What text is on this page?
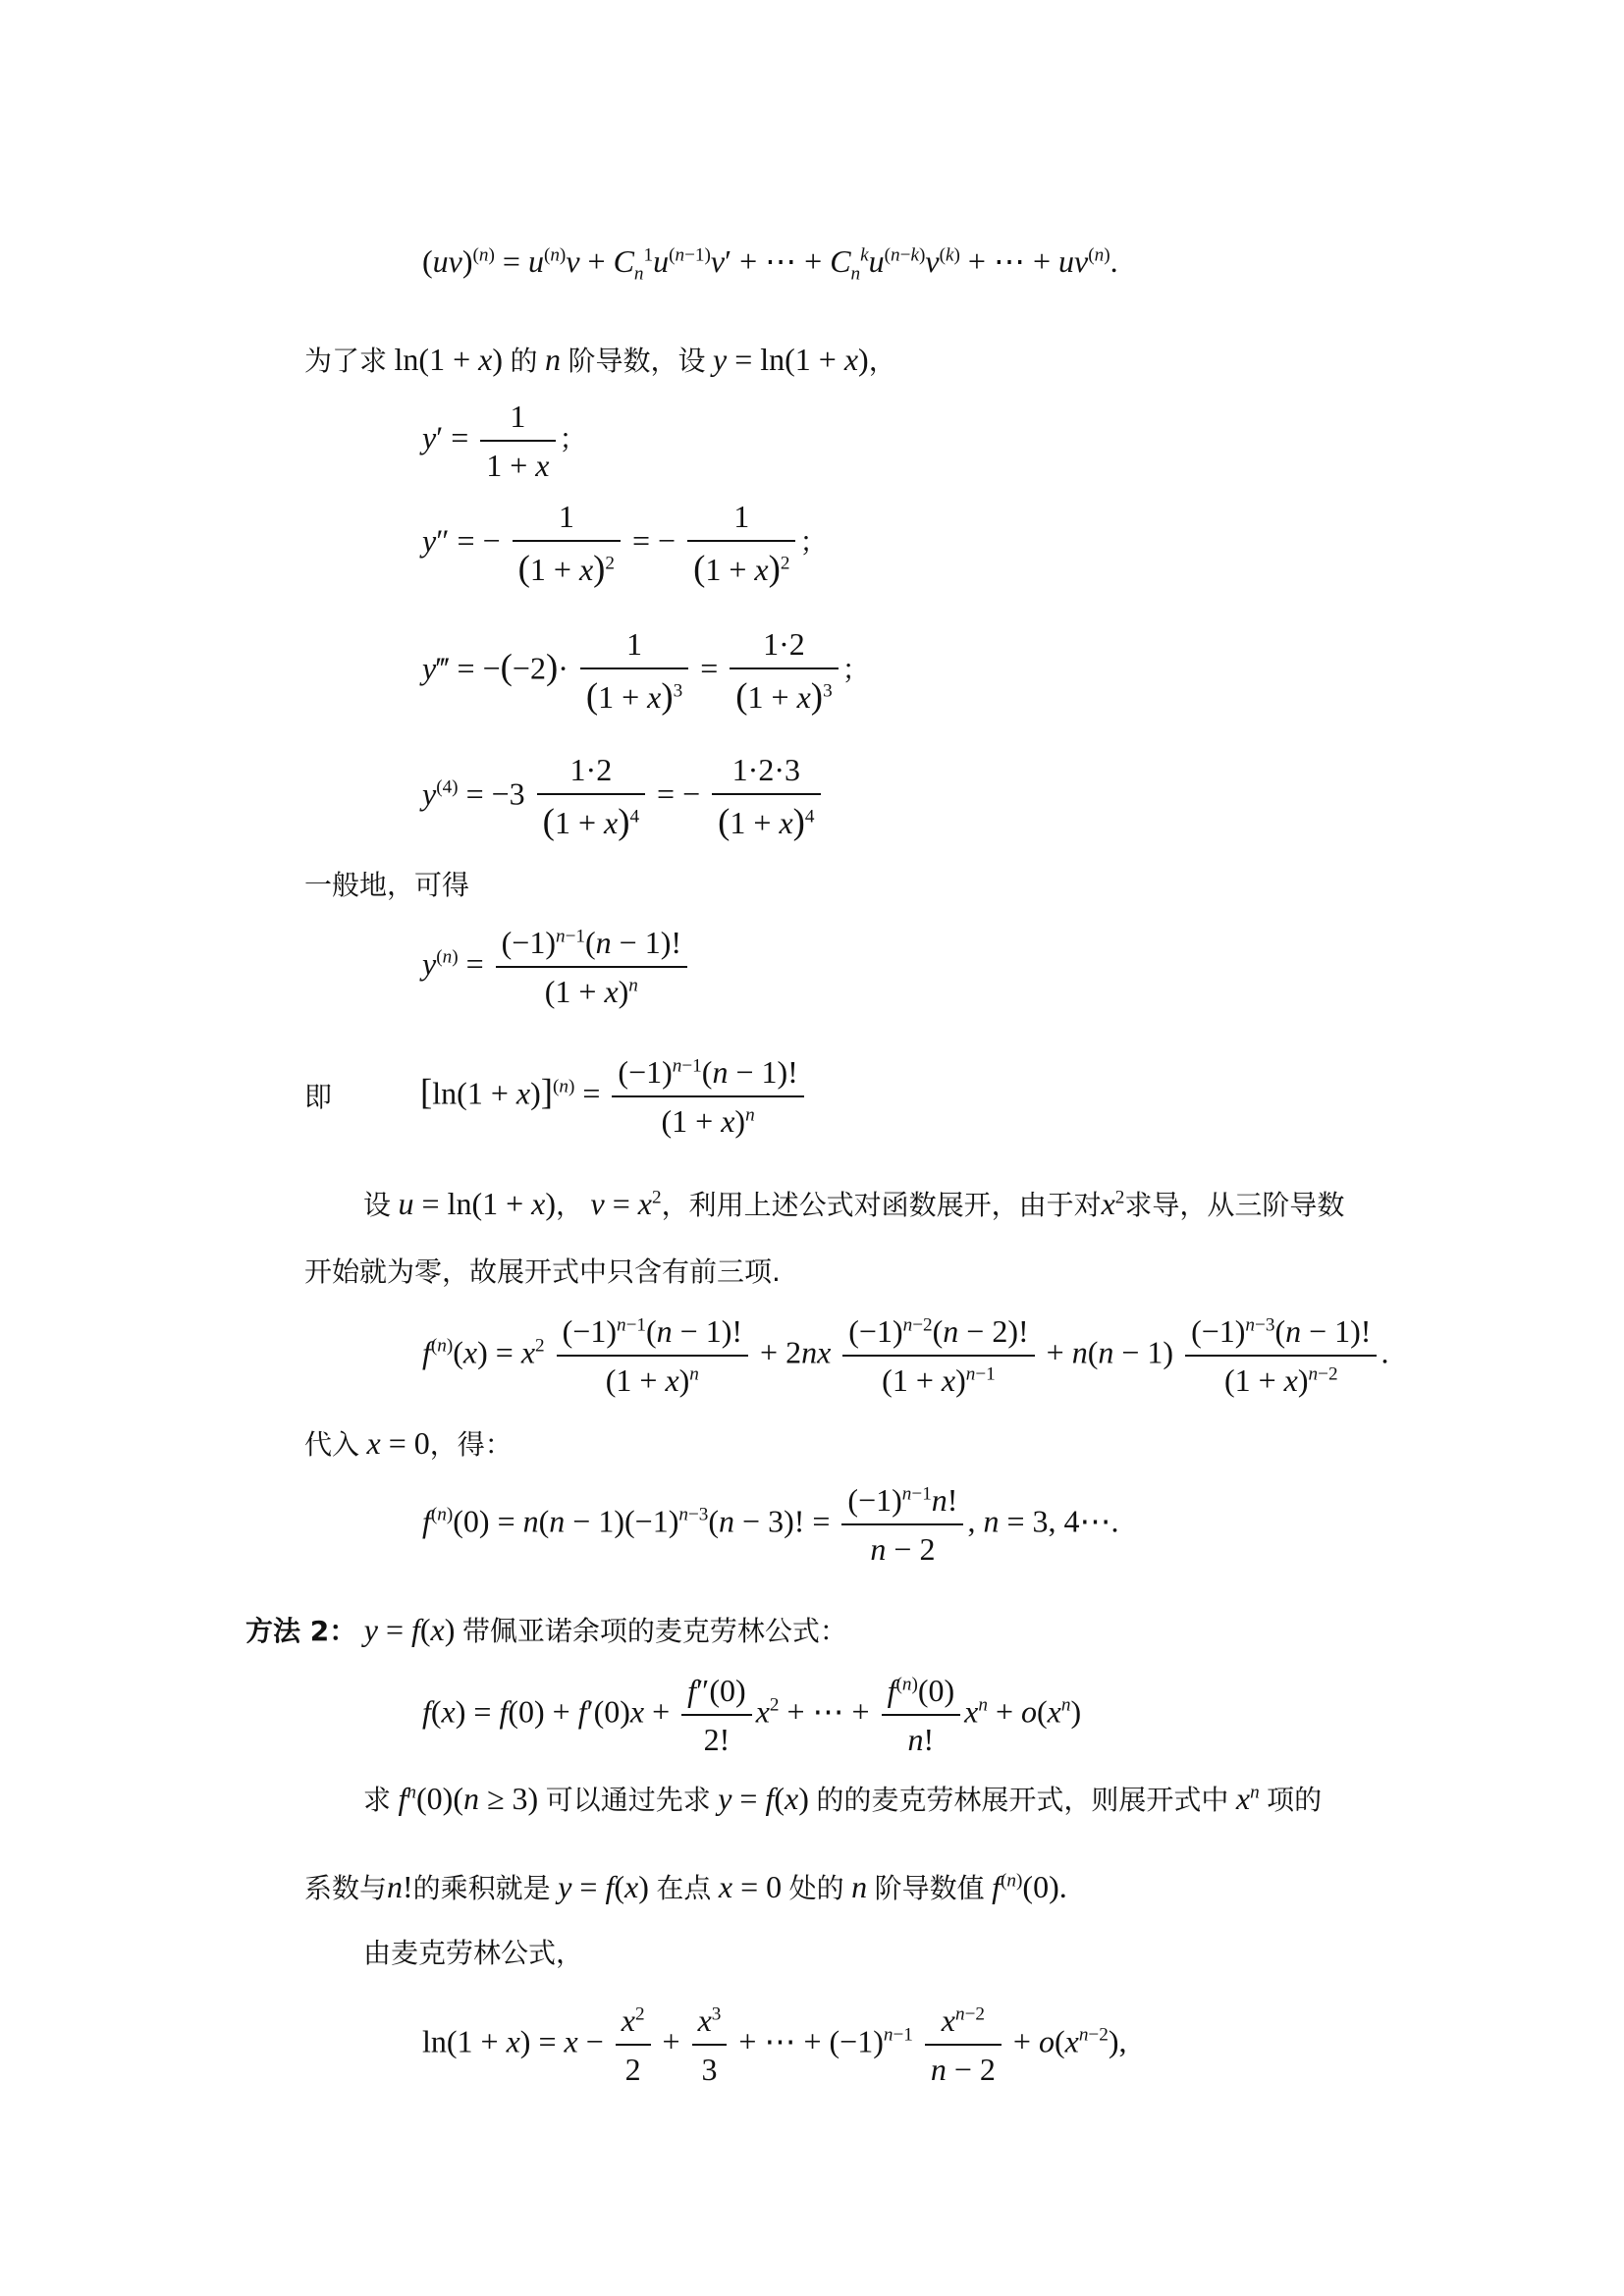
$(uv)^{(n)} = u^{(n)}v + C_n^1u^{(n-1)}v'$ + ⋯ + $C_n^ku^{(n-k)}v^{(k)}$ + ⋯ + $uv^{(n)}$.
为了求 ln(1 + x) 的 n 阶导数，设 y = ln(1 + x)，
$y' = \frac{1}{1 + x}$ ；
y″ = − $\frac{1}{(1 + x)^2}$ = − $\frac{1}{(1 + x)^2}$ ；
y‴ = $-(-2)\cdot \frac{1}{(1 + x)^3} = \frac{1\cdot 2}{(1 + x)^3}$ ；
$y^{(4)} = -3 \frac{1\cdot 2}{(1 + x)^4}$ = − $\frac{1\cdot 2\cdot 3}{(1 + x)^4}$
一般地，可得
$y^{(n)} = \frac{(-1)^{n-1}(n - 1)!}{(1 + x)^n}$
即 $[\ln(1 + x)]^{(n)} = \frac{(-1)^{n-1}(n - 1)!}{(1 + x)^n}$
设 u = ln(1 + x)， $v = x^2$，利用上述公式对函数展开，由于对$x^2$求导，从三阶导数
开始就为零，故展开式中只含有前三项.
$f^{(n)}(x) = x^2 \frac{(-1)^{n-1}(n - 1)!}{(1 + x)^n} + 2nx \frac{(-1)^{n-2}(n - 2)!}{(1 + x)^{n-1}} + n(n - 1) \frac{(-1)^{n-3}(n - 1)!}{(1 + x)^{n-2}}$ .
代入 x = 0，得：
$f^{(n)}(0) = n(n - 1)(-1)^{n-3}(n - 3)$! = $\frac{(-1)^{n-1}n!}{n - 2}$ , n = 3, 4⋯.
方法 2： y = f(x) 带佩亚诺余项的麦克劳林公式：
$f(x) = f(0) + f'(0)x + \frac{f''(0)}{2!} x^2$ + ⋯ + $\frac{f^{(n)}(0)}{n!} x^n + o(x^n)$
求 $f^n(0)(n \ge 3)$ 可以通过先求 y = f(x) 的的麦克劳林展开式，则展开式中 $x^n$ 项的
系数与n!的乘积就是 y = f(x) 在点 x = 0 处的 n 阶导数值 $f^{(n)}(0)$.
由麦克劳林公式，
$\ln(1 + x) = x - \frac{x^2}{2} + \frac{x^3}{3}$ + ⋯ + $(-1)^{n-1} \frac{x^{n-2}}{n - 2} + o(x^{n-2})$,
